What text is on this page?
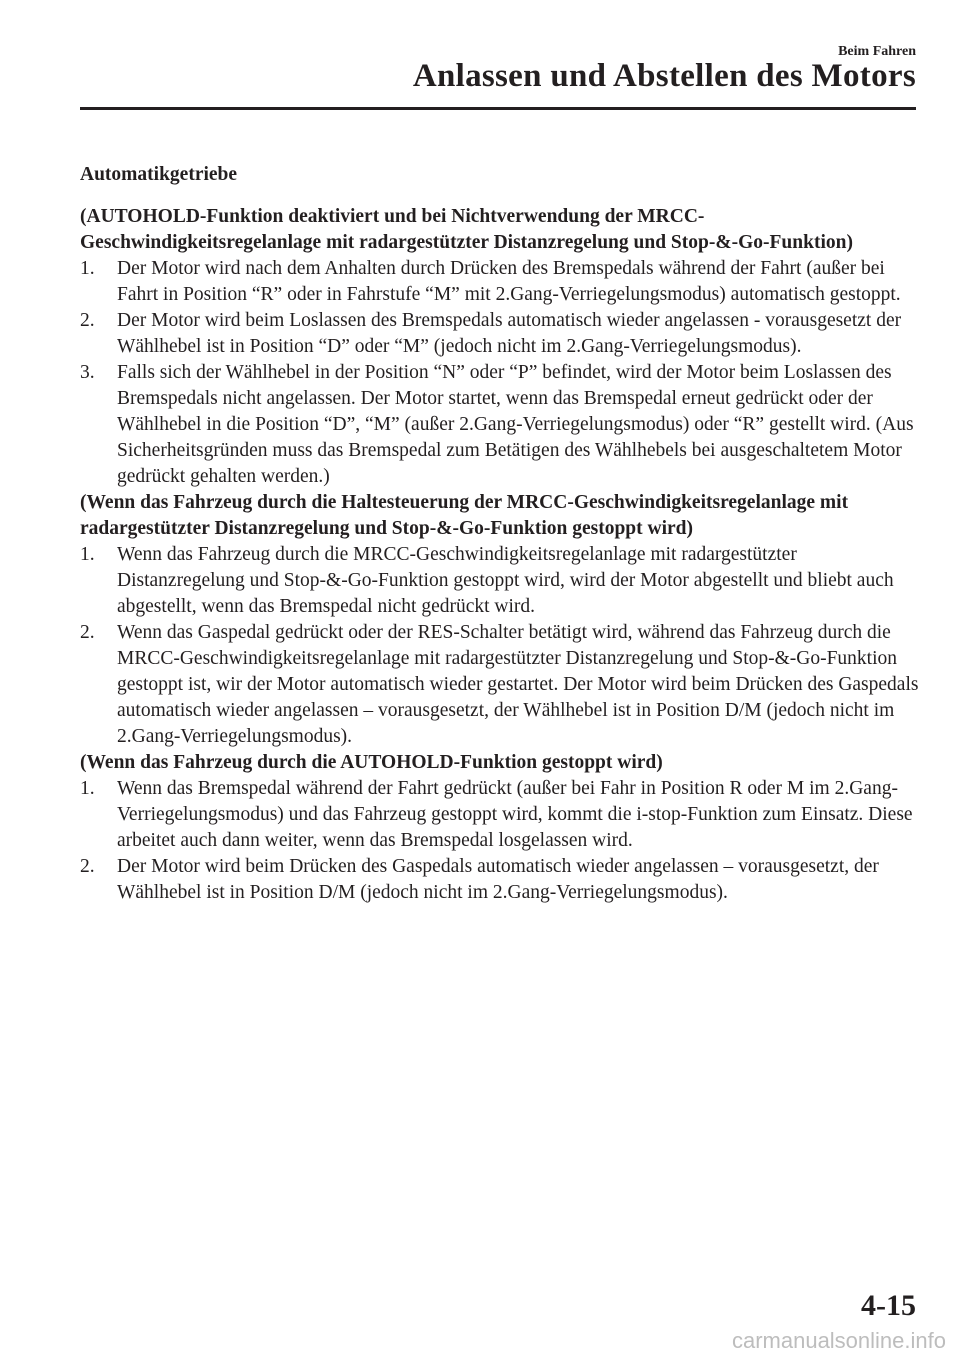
Beim Fahren
Anlassen und Abstellen des Motors
Automatikgetriebe

(AUTOHOLD-Funktion deaktiviert und bei Nichtverwendung der MRCC-Geschwindigkeitsregelanlage mit radargestützter Distanzregelung und Stop-&-Go-Funktion)

1. Der Motor wird nach dem Anhalten durch Drücken des Bremspedals während der Fahrt (außer bei Fahrt in Position “R” oder in Fahrstufe “M” mit 2.Gang-Verriegelungsmodus) automatisch gestoppt.
2. Der Motor wird beim Loslassen des Bremspedals automatisch wieder angelassen - vorausgesetzt der Wählhebel ist in Position “D” oder “M” (jedoch nicht im 2.Gang-Verriegelungsmodus).
3. Falls sich der Wählhebel in der Position “N” oder “P” befindet, wird der Motor beim Loslassen des Bremspedals nicht angelassen. Der Motor startet, wenn das Bremspedal erneut gedrückt oder der Wählhebel in die Position “D”, “M” (außer 2.Gang-Verriegelungsmodus) oder “R” gestellt wird. (Aus Sicherheitsgründen muss das Bremspedal zum Betätigen des Wählhebels bei ausgeschaltetem Motor gedrückt gehalten werden.)

(Wenn das Fahrzeug durch die Haltesteuerung der MRCC-Geschwindigkeitsregelanlage mit radargestützter Distanzregelung und Stop-&-Go-Funktion gestoppt wird)

1. Wenn das Fahrzeug durch die MRCC-Geschwindigkeitsregelanlage mit radargestützter Distanzregelung und Stop-&-Go-Funktion gestoppt wird, wird der Motor abgestellt und bliebt auch abgestellt, wenn das Bremspedal nicht gedrückt wird.
2. Wenn das Gaspedal gedrückt oder der RES-Schalter betätigt wird, während das Fahrzeug durch die MRCC-Geschwindigkeitsregelanlage mit radargestützter Distanzregelung und Stop-&-Go-Funktion gestoppt ist, wir der Motor automatisch wieder gestartet. Der Motor wird beim Drücken des Gaspedals automatisch wieder angelassen – vorausgesetzt, der Wählhebel ist in Position D/M (jedoch nicht im 2.Gang-Verriegelungsmodus).

(Wenn das Fahrzeug durch die AUTOHOLD-Funktion gestoppt wird)

1. Wenn das Bremspedal während der Fahrt gedrückt (außer bei Fahr in Position R oder M im 2.Gang-Verriegelungsmodus) und das Fahrzeug gestoppt wird, kommt die i-stop-Funktion zum Einsatz. Diese arbeitet auch dann weiter, wenn das Bremspedal losgelassen wird.
2. Der Motor wird beim Drücken des Gaspedals automatisch wieder angelassen – vorausgesetzt, der Wählhebel ist in Position D/M (jedoch nicht im 2.Gang-Verriegelungsmodus).
4-15
carmanualsonline.info
